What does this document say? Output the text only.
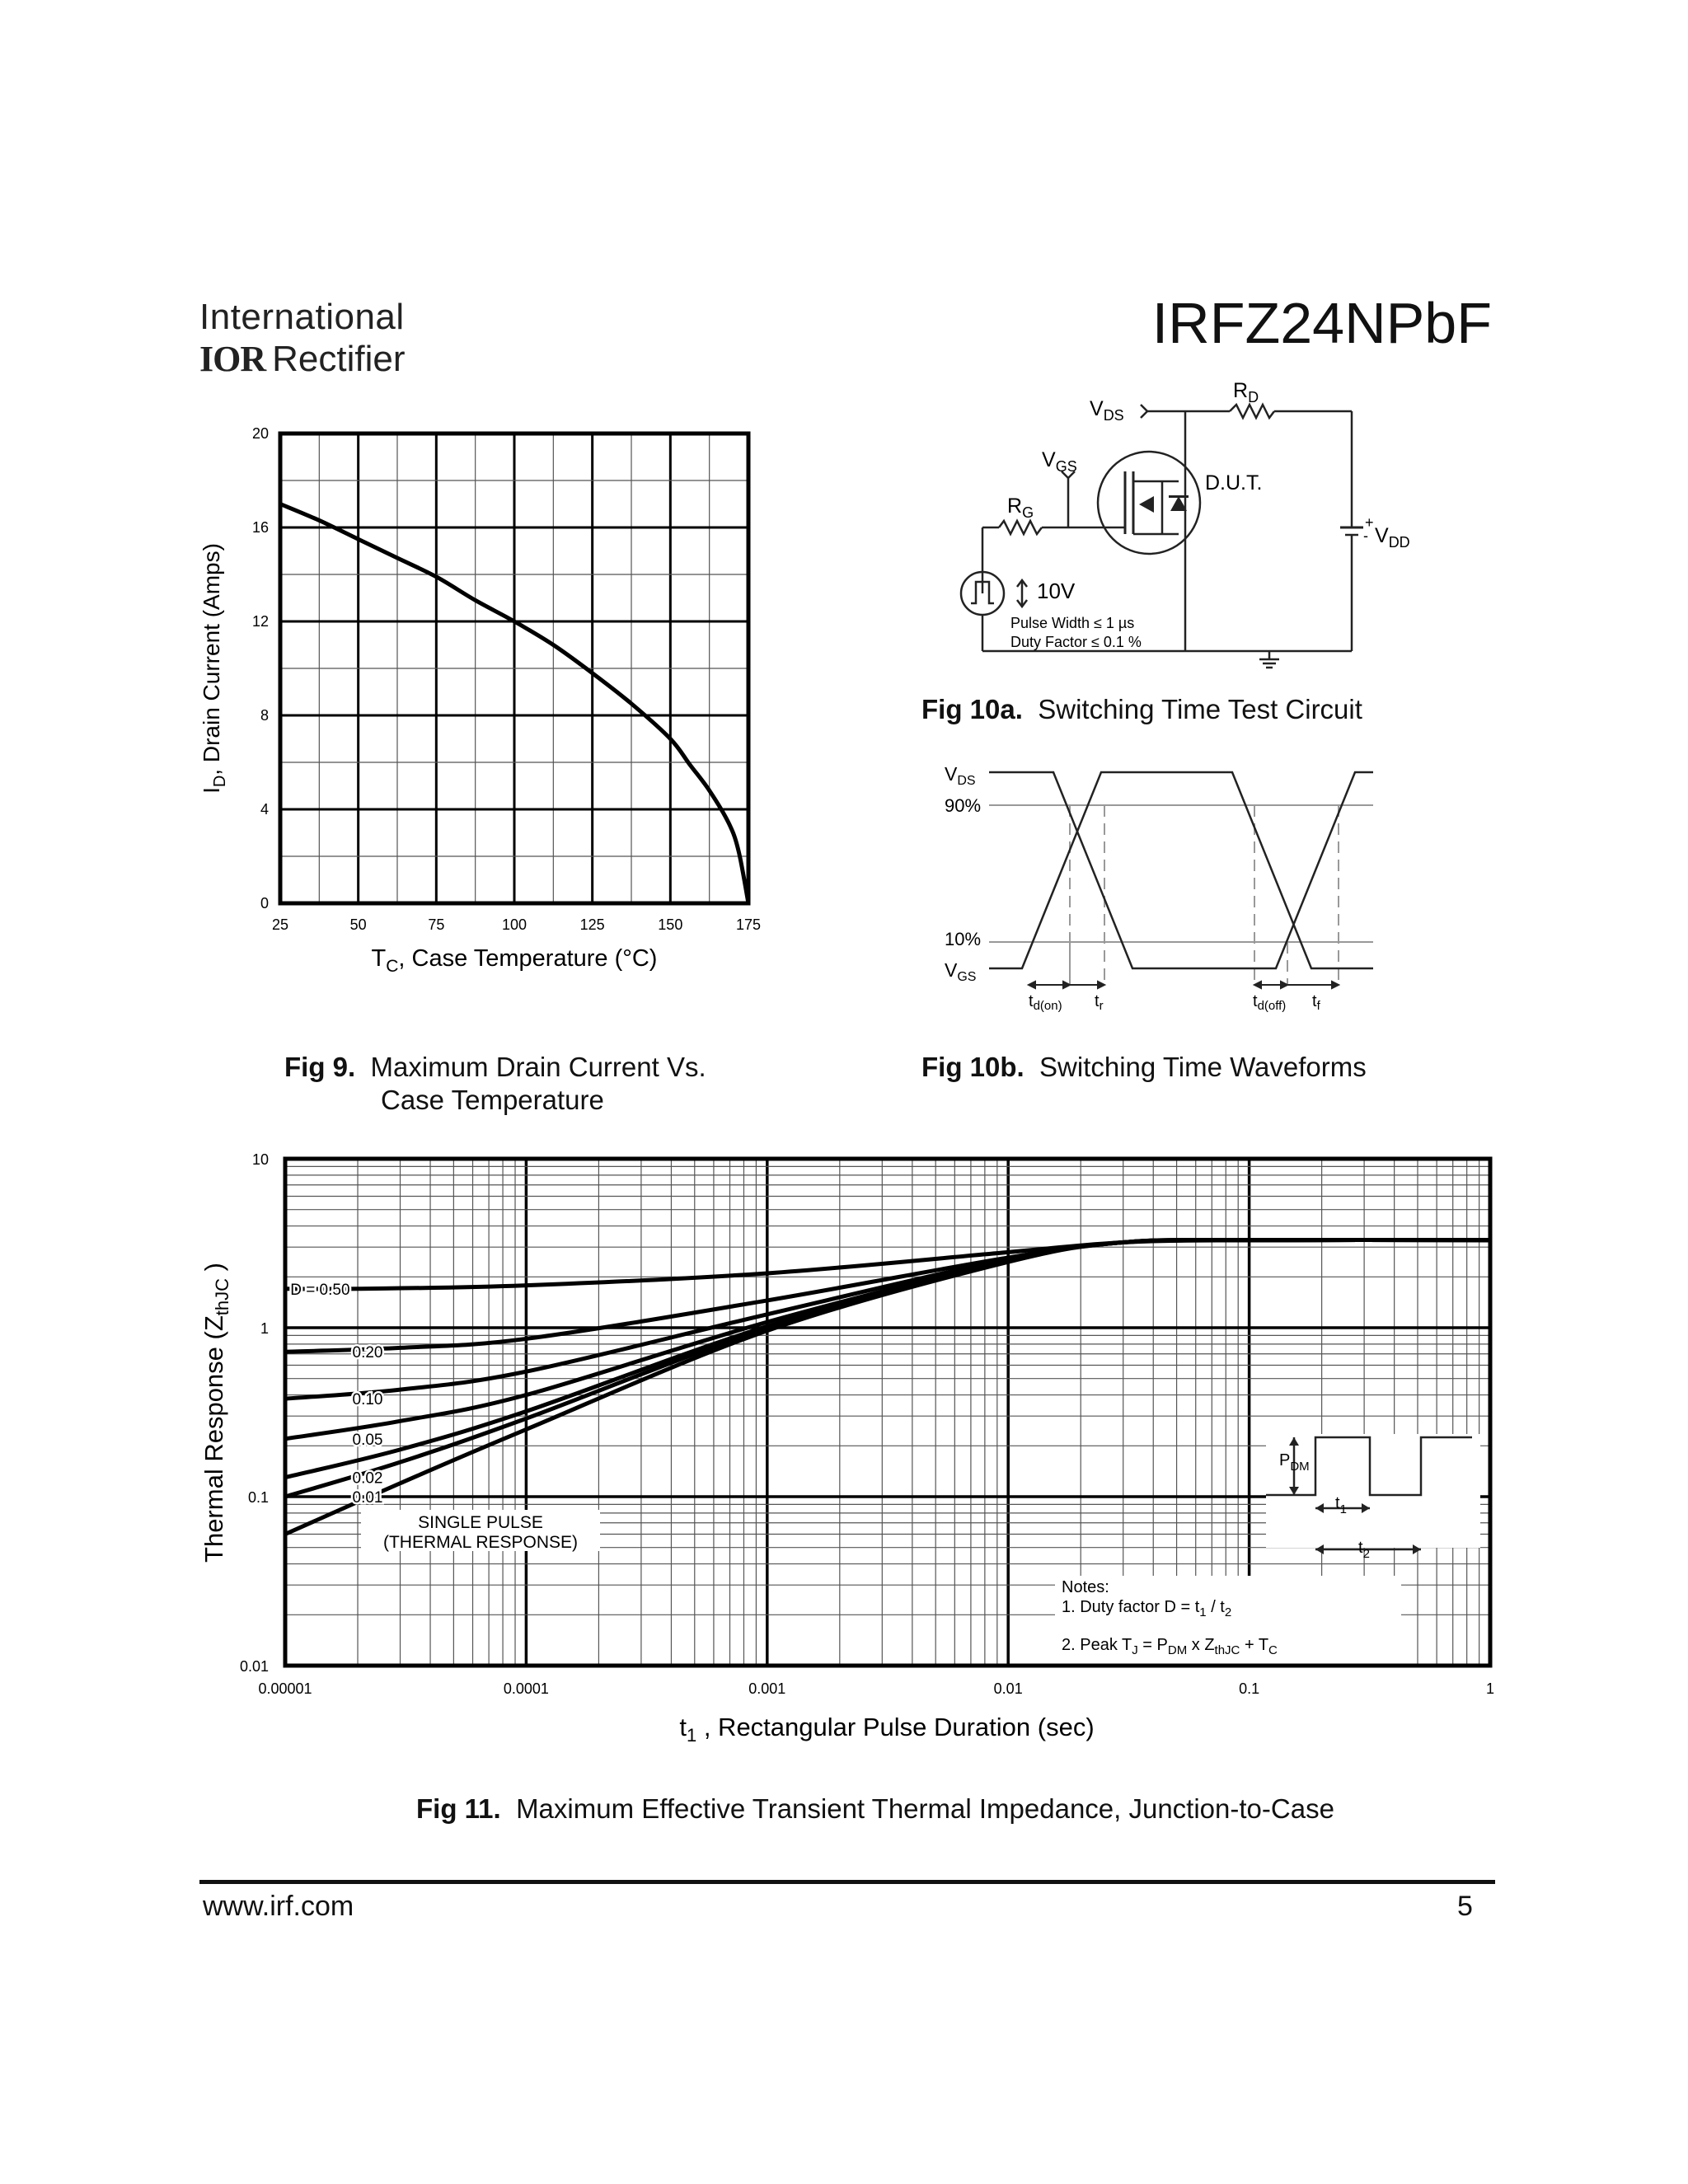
International
IOR Rectifier
IRFZ24NPbF
25	50	75	100	125	150	175
0
4
8
12
16
20
$T_C$, Case Temperature (°C)
$I_D$, Drain Current (Amps)
Fig 9. Maximum Drain Current Vs.
Case Temperature
$V_{DS}$
$R_D$
$V_{GS}$
$R_G$
D.U.T.
+
- $V_{DD}$
10V
Pulse Width ≤ 1 µs
Duty Factor ≤ 0.1 %
Fig 10a. Switching Time Test Circuit
$V_{DS}$
90%
10%
$V_{GS}$
$t_{d(on)}$ $t_r$	$t_{d(off)}$ $t_f$
Fig 10b. Switching Time Waveforms
0.00001	0.0001	0.001	0.01	0.1	1
0.01
0.1
1
10
D = 0.50
0.20
0.10
0.05
0.02
0.01
SINGLE PULSE
(THERMAL RESPONSE)
Notes:
1. Duty factor $D = t_1 / t_2$
2. Peak $T_J = P_{DM}$ x $Z_{thJC} + T_C$
$P_{DM}$
$t_1$
$t_2$
$t_1$ , Rectangular Pulse Duration (sec)
Thermal Response ($Z_{thJC}$ )
Fig 11. Maximum Effective Transient Thermal Impedance, Junction-to-Case
www.irf.com	5
